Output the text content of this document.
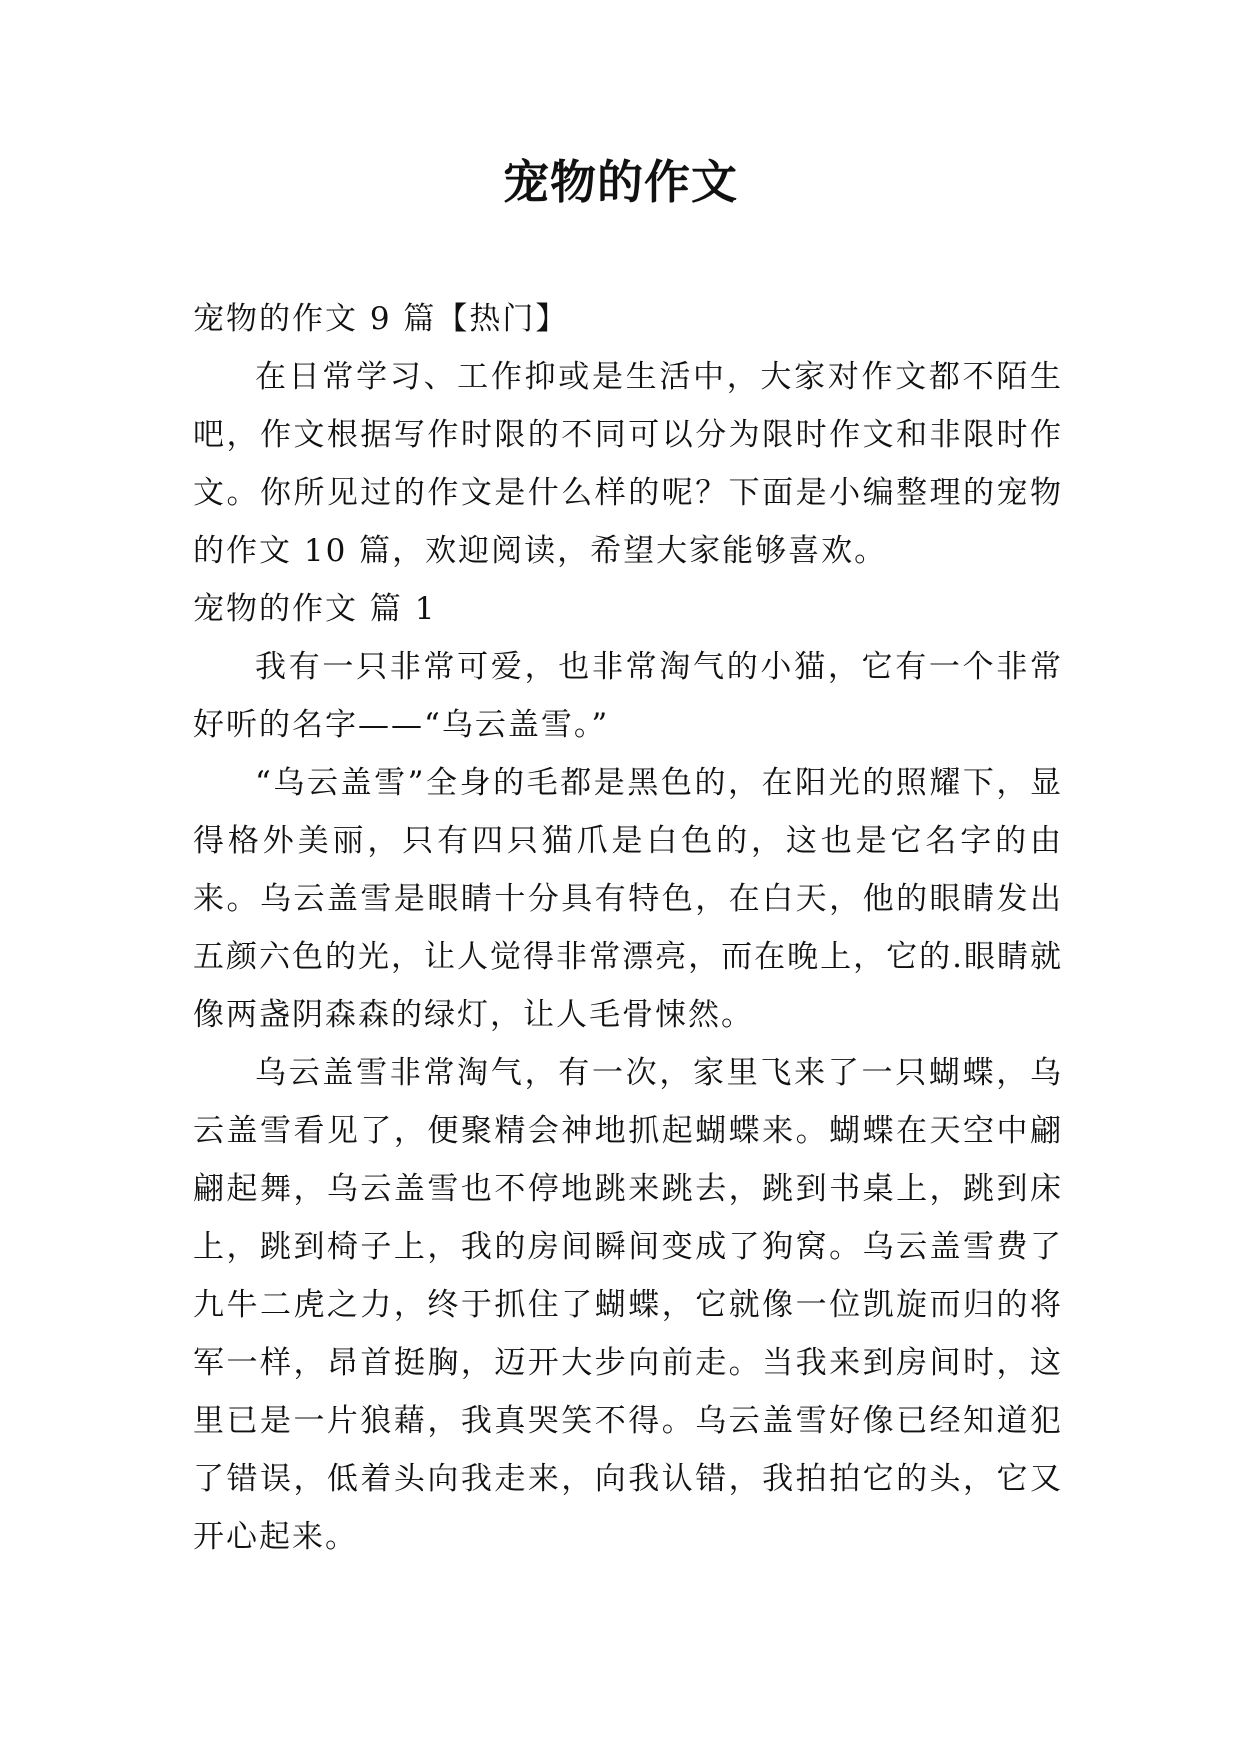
宠物的作文

宠物的作文 9 篇【热门】

在日常学习、工作抑或是生活中，大家对作文都不陌生吧，作文根据写作时限的不同可以分为限时作文和非限时作文。你所见过的作文是什么样的呢？下面是小编整理的宠物的作文 10 篇，欢迎阅读，希望大家能够喜欢。

宠物的作文 篇 1

我有一只非常可爱，也非常淘气的小猫，它有一个非常好听的名字——“乌云盖雪。”

“乌云盖雪”全身的毛都是黑色的，在阳光的照耀下，显得格外美丽，只有四只猫爪是白色的，这也是它名字的由来。乌云盖雪是眼睛十分具有特色，在白天，他的眼睛发出五颜六色的光，让人觉得非常漂亮，而在晚上，它的.眼睛就像两盏阴森森的绿灯，让人毛骨悚然。

乌云盖雪非常淘气，有一次，家里飞来了一只蝴蝶，乌云盖雪看见了，便聚精会神地抓起蝴蝶来。蝴蝶在天空中翩翩起舞，乌云盖雪也不停地跳来跳去，跳到书桌上，跳到床上，跳到椅子上，我的房间瞬间变成了狗窝。乌云盖雪费了九牛二虎之力，终于抓住了蝴蝶，它就像一位凯旋而归的将军一样，昂首挺胸，迈开大步向前走。当我来到房间时，这里已是一片狼藉，我真哭笑不得。乌云盖雪好像已经知道犯了错误，低着头向我走来，向我认错，我拍拍它的头，它又开心起来。
